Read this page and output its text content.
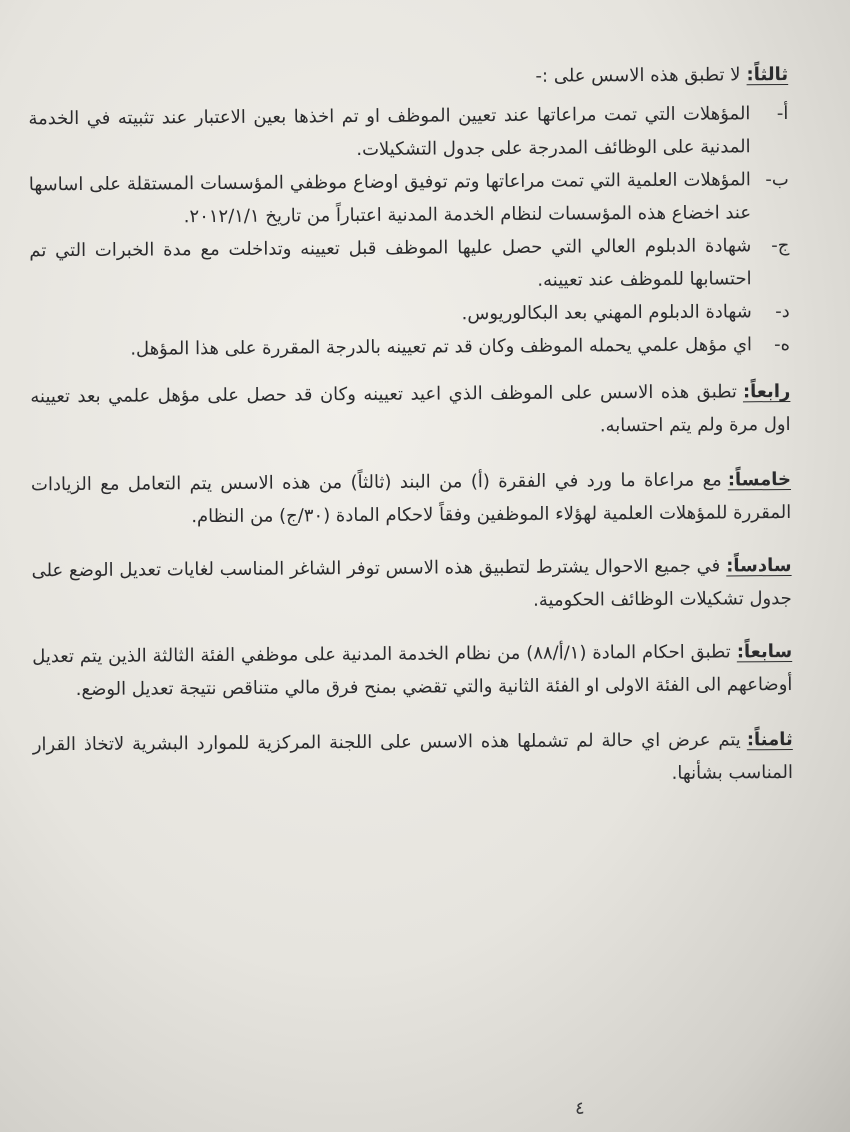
ثالثاً:لا تطبق هذه الاسس على :-
أ-
المؤهلات التي تمت مراعاتها عند تعيين الموظف او تم اخذها بعين الاعتبار عند تثبيته في الخدمة المدنية على الوظائف المدرجة على جدول التشكيلات.
ب-
المؤهلات العلمية التي تمت مراعاتها وتم توفيق اوضاع موظفي المؤسسات المستقلة على اساسها عند اخضاع هذه المؤسسات لنظام الخدمة المدنية اعتباراً من تاريخ ٢٠١٢/١/١.
ج-
شهادة الدبلوم العالي التي حصل عليها الموظف قبل تعيينه وتداخلت مع مدة الخبرات التي تم احتسابها للموظف عند تعيينه.
د-
شهادة الدبلوم المهني بعد البكالوريوس.
ه-
اي مؤهل علمي يحمله الموظف وكان قد تم تعيينه بالدرجة المقررة على هذا المؤهل.
رابعاً:تطبق هذه الاسس على الموظف الذي اعيد تعيينه وكان قد حصل على مؤهل علمي بعد تعيينه اول مرة ولم يتم احتسابه.
خامساً:مع مراعاة ما ورد في الفقرة (أ) من البند (ثالثاً) من هذه الاسس يتم التعامل مع الزيادات المقررة للمؤهلات العلمية لهؤلاء الموظفين وفقاً لاحكام المادة (٣٠/ج) من النظام.
سادساً:في جميع الاحوال يشترط لتطبيق هذه الاسس توفر الشاغر المناسب لغايات تعديل الوضع على جدول تشكيلات الوظائف الحكومية.
سابعاً:تطبق احكام المادة (١/أ/٨٨) من نظام الخدمة المدنية على موظفي الفئة الثالثة الذين يتم تعديل أوضاعهم الى الفئة الاولى او الفئة الثانية والتي تقضي بمنح فرق مالي متناقص نتيجة تعديل الوضع.
ثامناً:يتم عرض اي حالة لم تشملها هذه الاسس على اللجنة المركزية للموارد البشرية لاتخاذ القرار المناسب بشأنها.
٤
